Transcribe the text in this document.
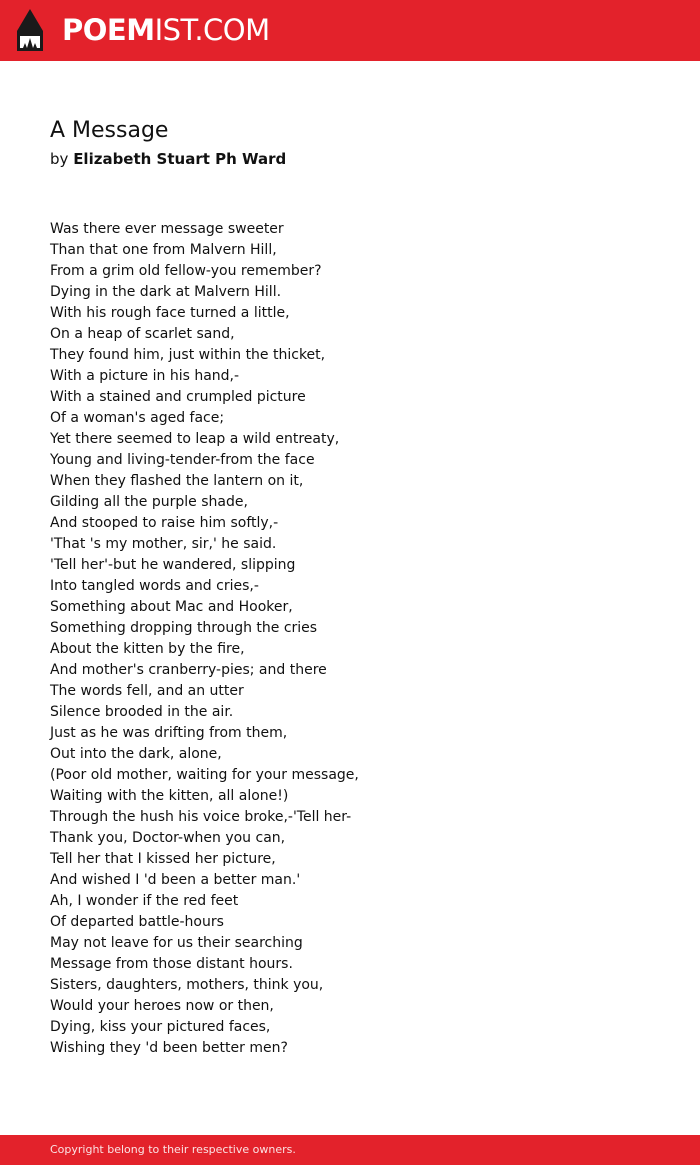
POEMIST.COM
A Message
by Elizabeth Stuart Ph Ward
Was there ever message sweeter
Than that one from Malvern Hill,
From a grim old fellow-you remember?
Dying in the dark at Malvern Hill.
With his rough face turned a little,
On a heap of scarlet sand,
They found him, just within the thicket,
With a picture in his hand,-
With a stained and crumpled picture
Of a woman's aged face;
Yet there seemed to leap a wild entreaty,
Young and living-tender-from the face
When they flashed the lantern on it,
Gilding all the purple shade,
And stooped to raise him softly,-
'That 's my mother, sir,' he said.
'Tell her'-but he wandered, slipping
Into tangled words and cries,-
Something about Mac and Hooker,
Something dropping through the cries
About the kitten by the fire,
And mother's cranberry-pies; and there
The words fell, and an utter
Silence brooded in the air.
Just as he was drifting from them,
Out into the dark, alone,
(Poor old mother, waiting for your message,
Waiting with the kitten, all alone!)
Through the hush his voice broke,-'Tell her-
Thank you, Doctor-when you can,
Tell her that I kissed her picture,
And wished I 'd been a better man.'
Ah, I wonder if the red feet
Of departed battle-hours
May not leave for us their searching
Message from those distant hours.
Sisters, daughters, mothers, think you,
Would your heroes now or then,
Dying, kiss your pictured faces,
Wishing they 'd been better men?
Copyright belong to their respective owners.
